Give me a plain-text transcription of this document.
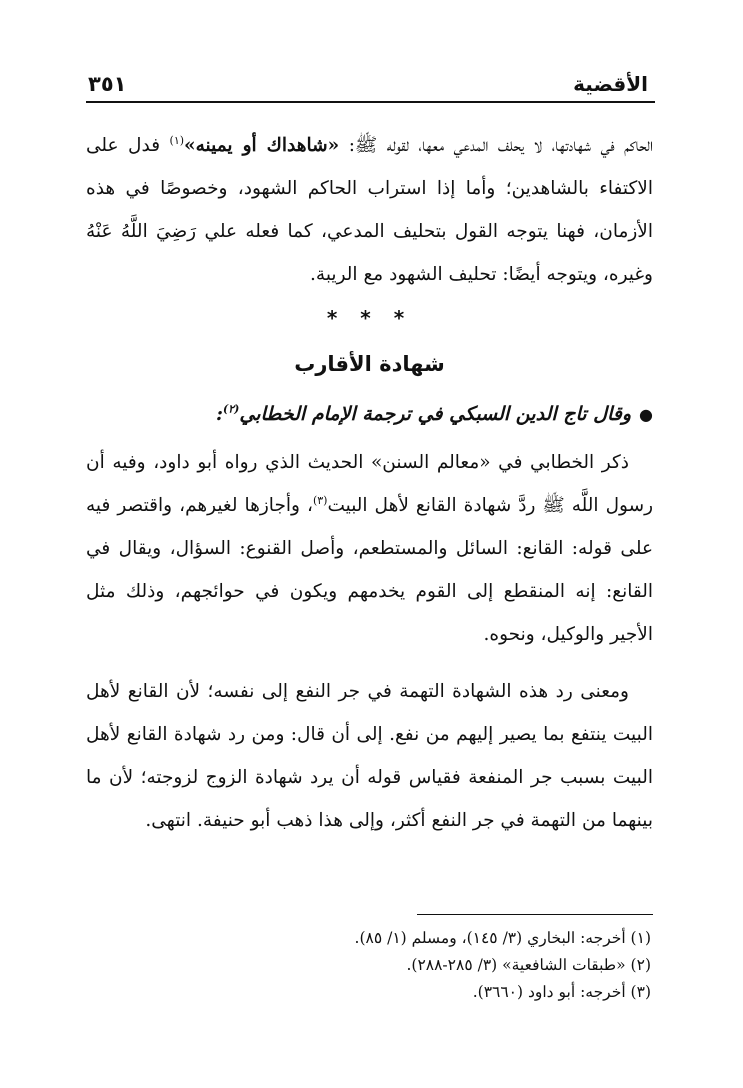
الأقضية
٣٥١

الحاكم في شهادتها، لا يحلف المدعي معها، لقوله ﷺ: «شاهداك أو يمينه»$^{(١)}$ فدل على الاكتفاء بالشاهدين؛ وأما إذا استراب الحاكم الشهود، وخصوصًا في هذه الأزمان، فهنا يتوجه القول بتحليف المدعي، كما فعله علي رَضِيَ اللَّهُ عَنْهُ وغيره، ويتوجه أيضًا: تحليف الشهود مع الريبة.

* * *

شهادة الأقارب

●وقال تاج الدين السبكي في ترجمة الإمام الخطابي$^{(٢)}$:

ذكر الخطابي في «معالم السنن» الحديث الذي رواه أبو داود، وفيه أن رسول اللَّه ﷺ ردَّ شهادة القانع لأهل البيت$^{(٣)}$، وأجازها لغيرهم، واقتصر فيه على قوله: القانع: السائل والمستطعم، وأصل القنوع: السؤال، ويقال في القانع: إنه المنقطع إلى القوم يخدمهم ويكون في حوائجهم، وذلك مثل الأجير والوكيل، ونحوه.

ومعنى رد هذه الشهادة التهمة في جر النفع إلى نفسه؛ لأن القانع لأهل البيت ينتفع بما يصير إليهم من نفع. إلى أن قال: ومن رد شهادة القانع لأهل البيت بسبب جر المنفعة فقياس قوله أن يرد شهادة الزوج لزوجته؛ لأن ما بينهما من التهمة في جر النفع أكثر، وإلى هذا ذهب أبو حنيفة. انتهى.

(١) أخرجه: البخاري (٣/ ١٤٥)، ومسلم (١/ ٨٥).

(٢) «طبقات الشافعية» (٣/ ٢٨٥-٢٨٨).

(٣) أخرجه: أبو داود (٣٦٦٠).
